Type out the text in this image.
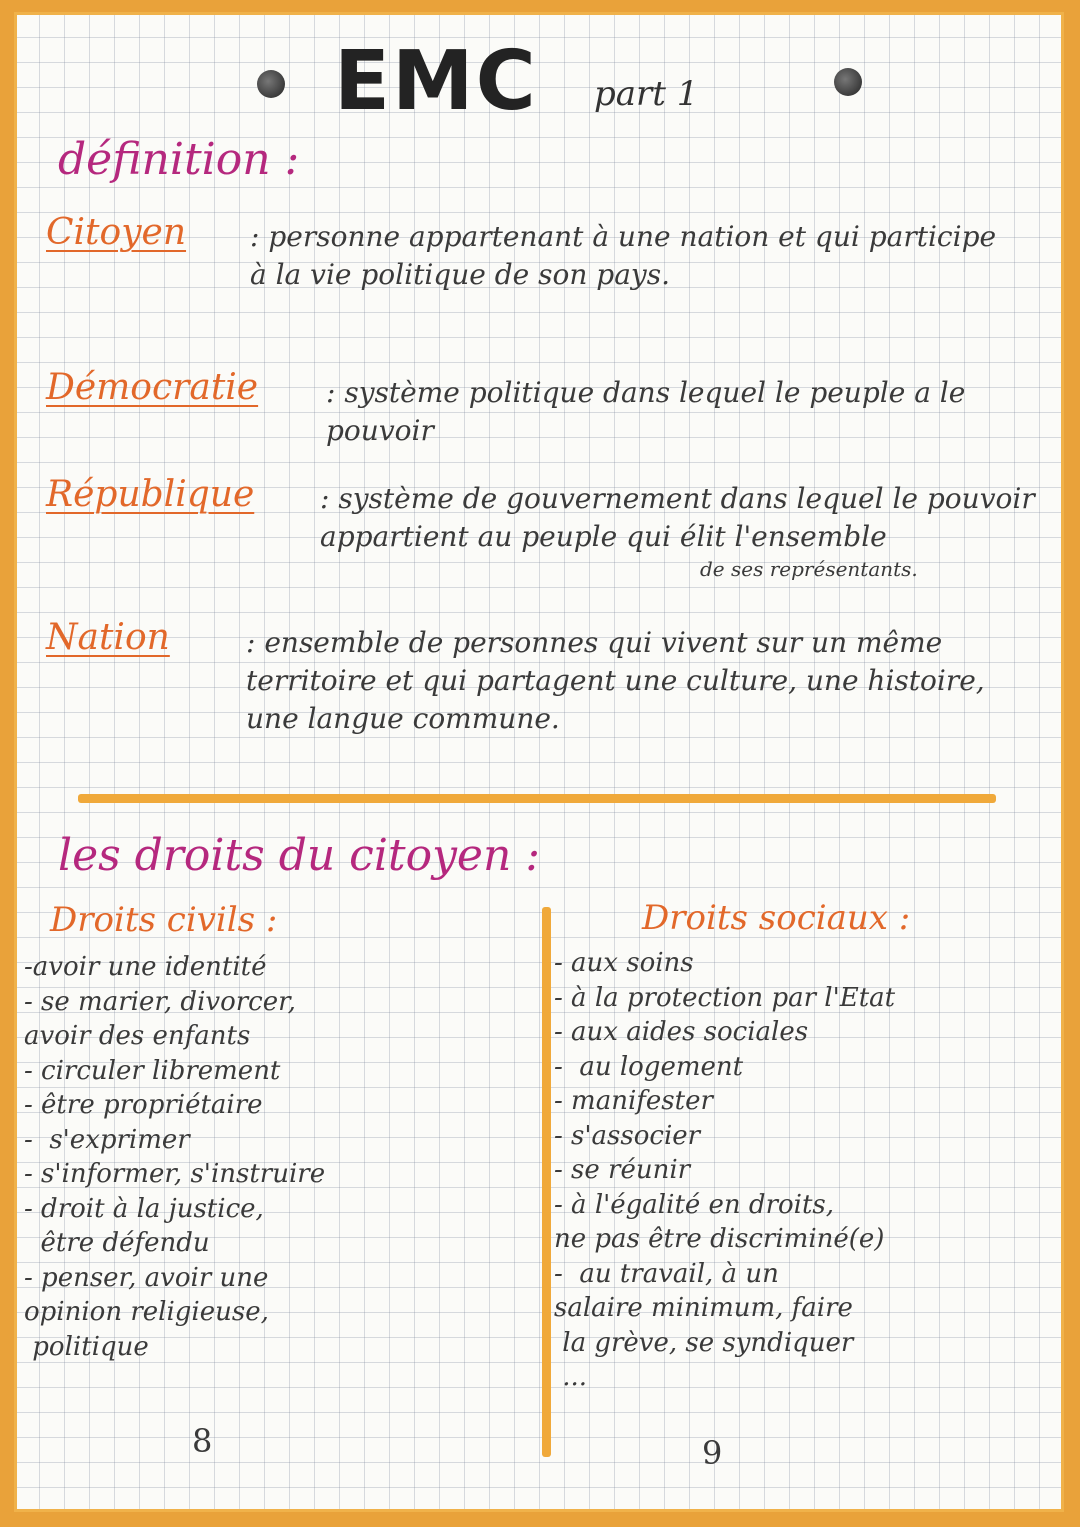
EMC part 1
définition :
Citoyen : personne appartenant à une nation et qui participe à la vie politique de son pays.
Démocratie : système politique dans lequel le peuple a le pouvoir
République : système de gouvernement dans lequel le pouvoir appartient au peuple qui élit l'ensemble
de ses représentants.
Nation	: ensemble de personnes qui vivent sur un même territoire et qui partagent une culture, une histoire, une langue commune.
les droits du citoyen :
Droits civils :
-avoir une identité
- se marier, divorcer,
avoir des enfants
- circuler librement
- être propriétaire
-  s'exprimer
- s'informer, s'instruire
- droit à la justice,
être défendu
- penser, avoir une
opinion religieuse,
politique
Droits sociaux :
- aux soins
- à la protection par l'Etat
- aux aides sociales
-  au logement
- manifester
- s'associer
- se réunir
- à l'égalité en droits,
ne pas être discriminé(e)
-  au travail, à un
salaire minimum, faire
la grève, se syndiquer
...
8	9
